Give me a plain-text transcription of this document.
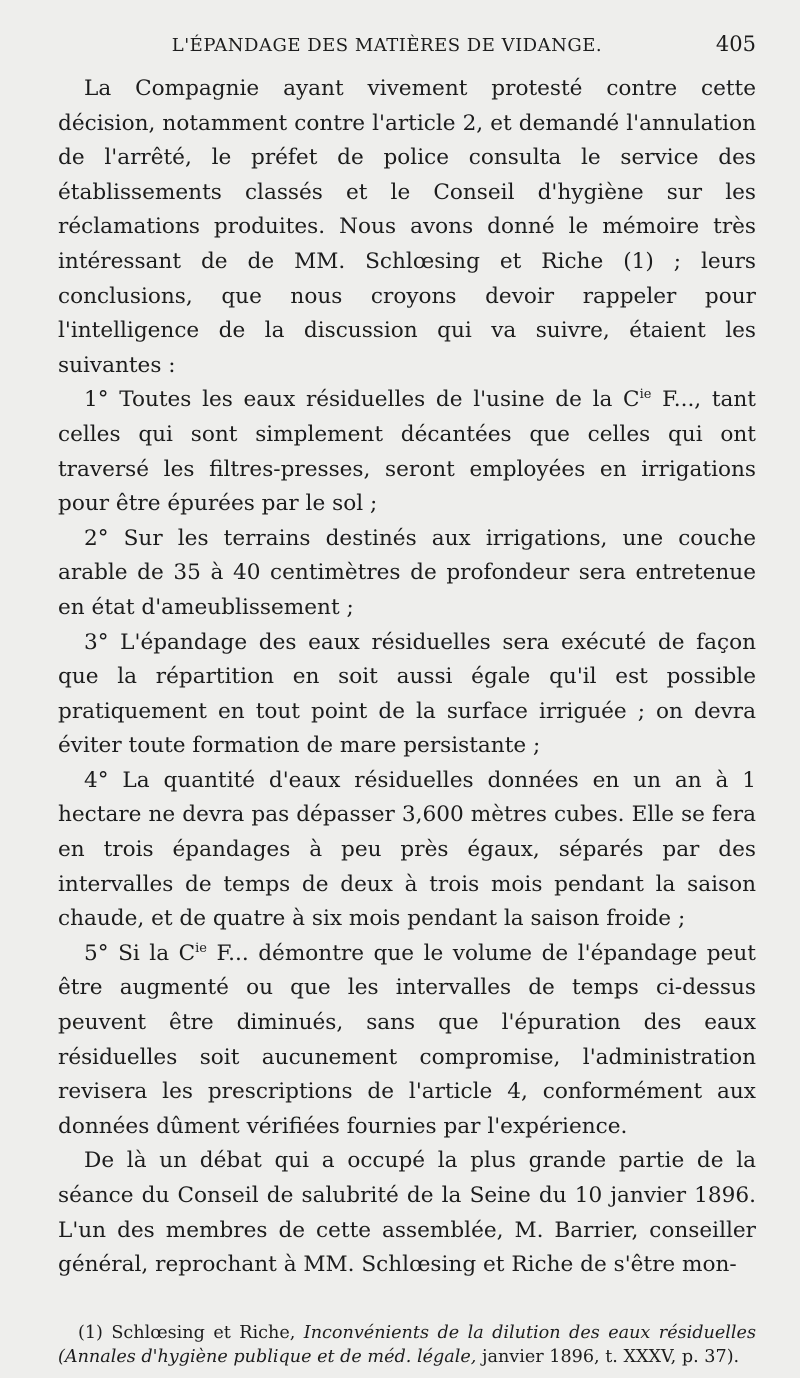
L'ÉPANDAGE DES MATIÈRES DE VIDANGE.	405

La Compagnie ayant vivement protesté contre cette décision, notamment contre l'article 2, et demandé l'annulation de l'arrêté, le préfet de police consulta le service des établissements classés et le Conseil d'hygiène sur les réclamations produites. Nous avons donné le mémoire très intéressant de de MM. Schlœsing et Riche (1) ; leurs conclusions, que nous croyons devoir rappeler pour l'intelligence de la discussion qui va suivre, étaient les suivantes :

1° Toutes les eaux résiduelles de l'usine de la $C^{ie}$ F..., tant celles qui sont simplement décantées que celles qui ont traversé les filtres-presses, seront employées en irrigations pour être épurées par le sol ;

2° Sur les terrains destinés aux irrigations, une couche arable de 35 à 40 centimètres de profondeur sera entretenue en état d'ameublissement ;

3° L'épandage des eaux résiduelles sera exécuté de façon que la répartition en soit aussi égale qu'il est possible pratiquement en tout point de la surface irriguée ; on devra éviter toute formation de mare persistante ;

4° La quantité d'eaux résiduelles données en un an à 1 hectare ne devra pas dépasser 3,600 mètres cubes. Elle se fera en trois épandages à peu près égaux, séparés par des intervalles de temps de deux à trois mois pendant la saison chaude, et de quatre à six mois pendant la saison froide ;

5° Si la $C^{ie}$ F... démontre que le volume de l'épandage peut être augmenté ou que les intervalles de temps ci-dessus peuvent être diminués, sans que l'épuration des eaux résiduelles soit aucunement compromise, l'administration revisera les prescriptions de l'article 4, conformément aux données dûment vérifiées fournies par l'expérience.

De là un débat qui a occupé la plus grande partie de la séance du Conseil de salubrité de la Seine du 10 janvier 1896. L'un des membres de cette assemblée, M. Barrier, conseiller général, reprochant à MM. Schlœsing et Riche de s'être mon-

(1) Schlœsing et Riche, Inconvénients de la dilution des eaux résiduelles (Annales d'hygiène publique et de méd. légale, janvier 1896, t. XXXV, p. 37).
